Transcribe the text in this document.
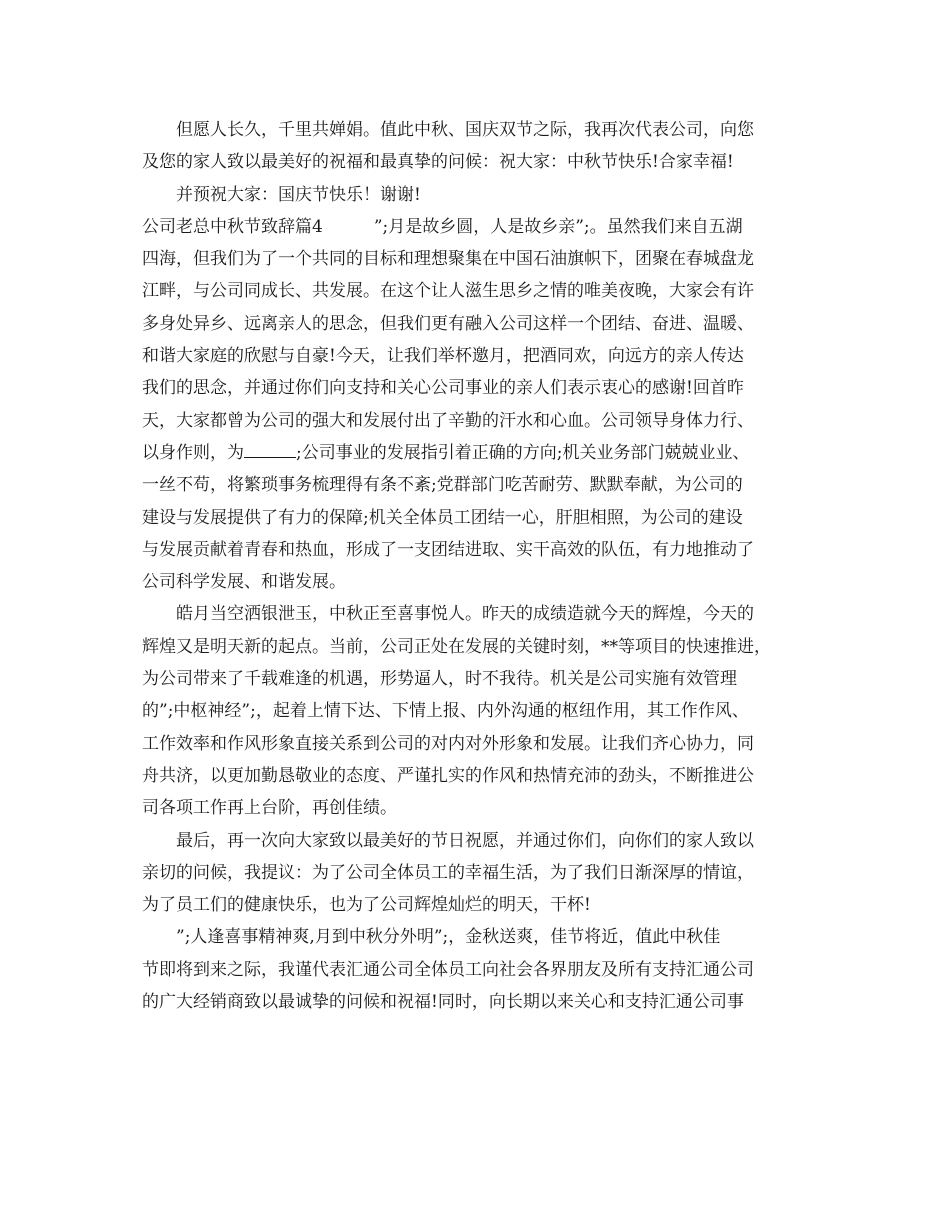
但愿人长久，千里共婵娟。值此中秋、国庆双节之际，我再次代表公司，向您
及您的家人致以最美好的祝福和最真挚的问候：祝大家：中秋节快乐!合家幸福!
并预祝大家：国庆节快乐！谢谢!
公司老总中秋节致辞篇4　　　”;月是故乡圆，人是故乡亲”;。虽然我们来自五湖
四海，但我们为了一个共同的目标和理想聚集在中国石油旗帜下，团聚在春城盘龙
江畔，与公司同成长、共发展。在这个让人滋生思乡之情的唯美夜晚，大家会有许
多身处异乡、远离亲人的思念，但我们更有融入公司这样一个团结、奋进、温暖、
和谐大家庭的欣慰与自豪!今天，让我们举杯邀月，把酒同欢，向远方的亲人传达
我们的思念，并通过你们向支持和关心公司事业的亲人们表示衷心的感谢!回首昨
天，大家都曾为公司的强大和发展付出了辛勤的汗水和心血。公司领导身体力行、
以身作则，为	;公司事业的发展指引着正确的方向;机关业务部门兢兢业业、
一丝不苟，将繁琐事务梳理得有条不紊;党群部门吃苦耐劳、默默奉献，为公司的
建设与发展提供了有力的保障;机关全体员工团结一心，肝胆相照，为公司的建设
与发展贡献着青春和热血，形成了一支团结进取、实干高效的队伍，有力地推动了
公司科学发展、和谐发展。
皓月当空洒银泄玉，中秋正至喜事悦人。昨天的成绩造就今天的辉煌，今天的
辉煌又是明天新的起点。当前，公司正处在发展的关键时刻，**等项目的快速推进，
为公司带来了千载难逢的机遇，形势逼人，时不我待。机关是公司实施有效管理
的”;中枢神经”;，起着上情下达、下情上报、内外沟通的枢纽作用，其工作作风、
工作效率和作风形象直接关系到公司的对内对外形象和发展。让我们齐心协力，同
舟共济，以更加勤恳敬业的态度、严谨扎实的作风和热情充沛的劲头，不断推进公
司各项工作再上台阶，再创佳绩。
最后，再一次向大家致以最美好的节日祝愿，并通过你们，向你们的家人致以
亲切的问候，我提议：为了公司全体员工的幸福生活，为了我们日渐深厚的情谊，
为了员工们的健康快乐，也为了公司辉煌灿烂的明天，干杯!
”;人逢喜事精神爽,月到中秋分外明”;，金秋送爽，佳节将近，值此中秋佳
节即将到来之际，我谨代表汇通公司全体员工向社会各界朋友及所有支持汇通公司
的广大经销商致以最诚挚的问候和祝福!同时，向长期以来关心和支持汇通公司事
